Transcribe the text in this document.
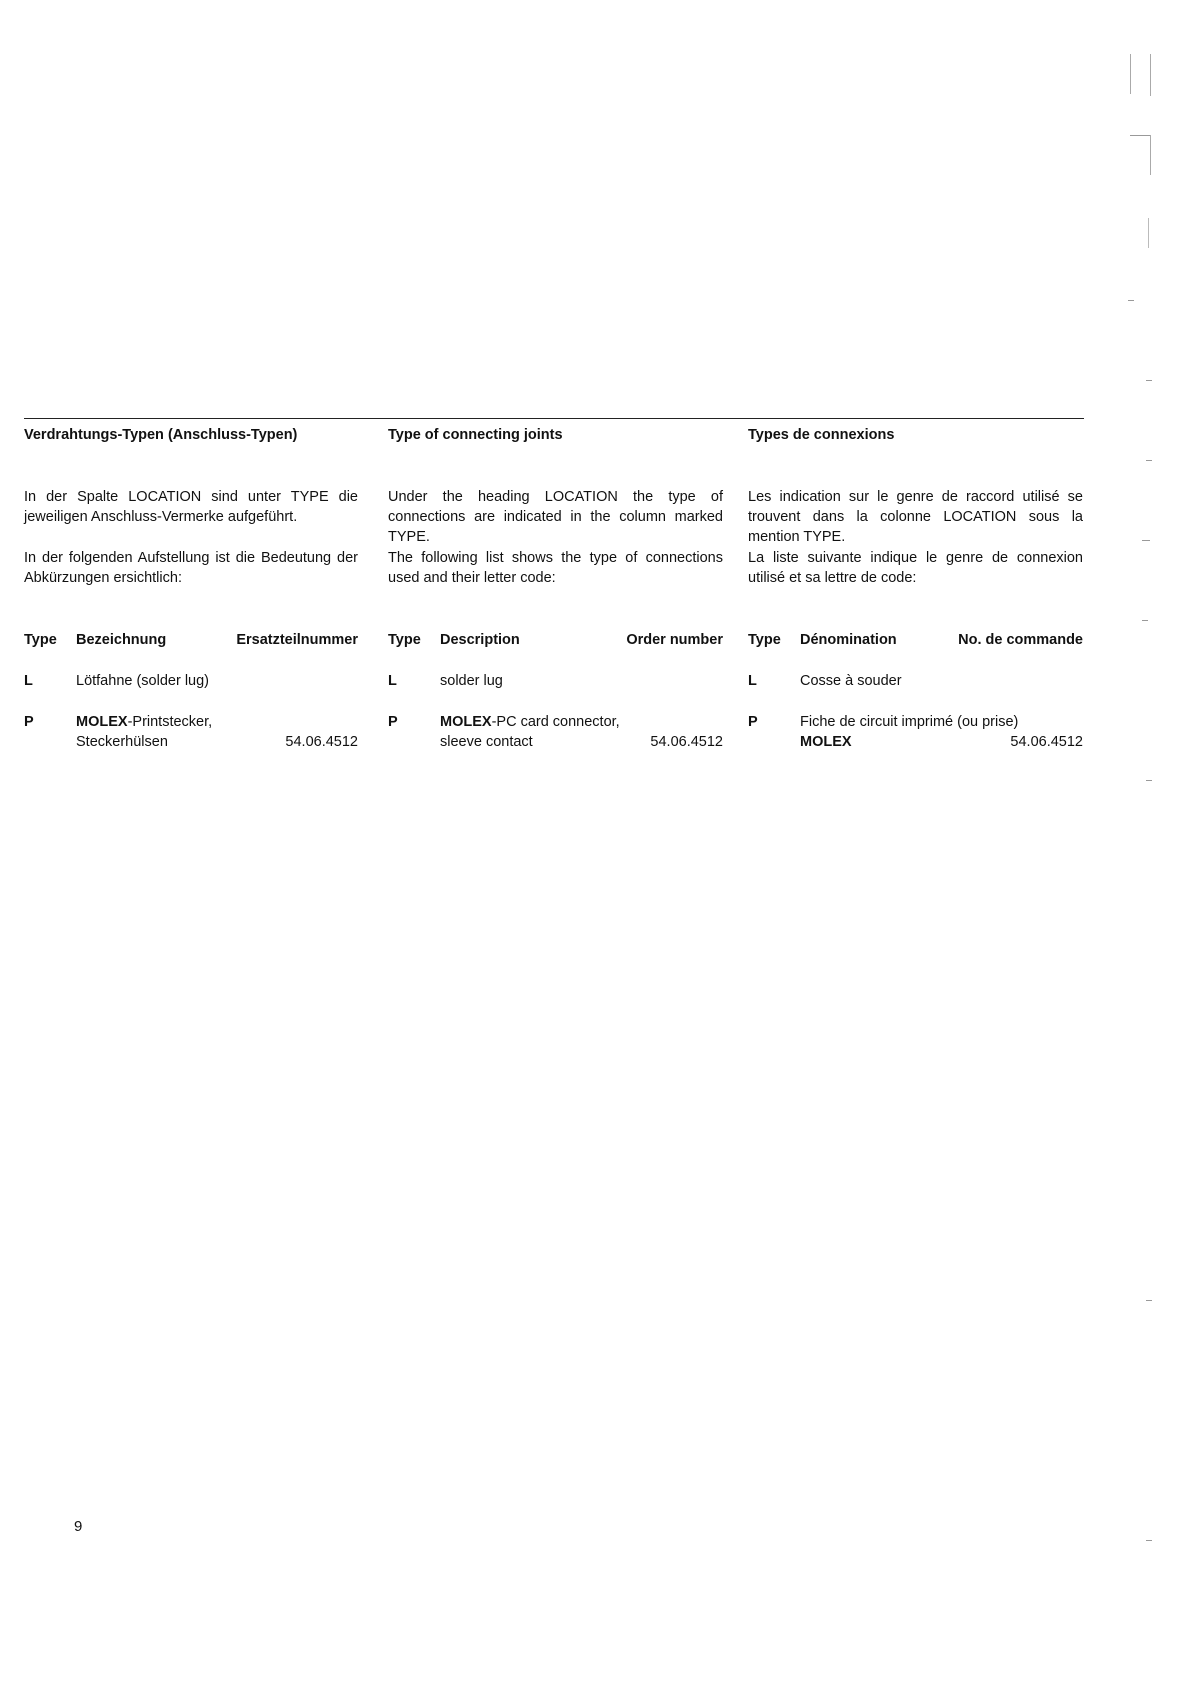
Verdrahtungs-Typen (Anschluss-Typen)

In der Spalte LOCATION sind unter TYPE die jeweiligen Anschluss-Vermerke aufgeführt.

In der folgenden Aufstellung ist die Bedeutung der Abkürzungen ersichtlich:

Type Bezeichnung	Ersatzteilnummer
L	Lötfahne (solder lug)
P	MOLEX-Printstecker,
Steckerhülsen	54.06.4512
Type of connecting joints

Under the heading LOCATION the type of connections are indicated in the column marked TYPE.

The following list shows the type of connections used and their letter code:

Type Description	Order number
L	solder lug
P	MOLEX-PC card connector,
sleeve contact	54.06.4512
Types de connexions

Les indication sur le genre de raccord utilisé se trouvent dans la colonne LOCATION sous la mention TYPE.

La liste suivante indique le genre de connexion utilisé et sa lettre de code:

Type Dénomination	No. de commande
L	Cosse à souder
P	Fiche de circuit imprimé (ou prise)
MOLEX	54.06.4512
9
